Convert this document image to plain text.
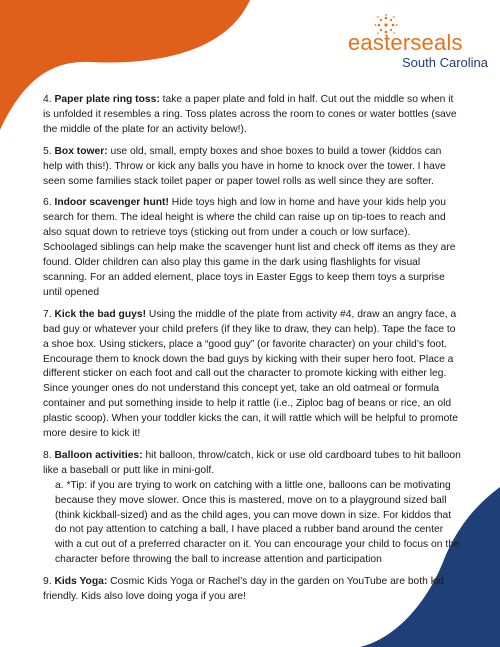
easterseals
South Carolina
4. Paper plate ring toss: take a paper plate and fold in half. Cut out the middle so when it is unfolded it resembles a ring. Toss plates across the room to cones or water bottles (save the middle of the plate for an activity below!).
5. Box tower: use old, small, empty boxes and shoe boxes to build a tower (kiddos can help with this!). Throw or kick any balls you have in home to knock over the tower. I have seen some families stack toilet paper or paper towel rolls as well since they are softer.
6. Indoor scavenger hunt! Hide toys high and low in home and have your kids help you search for them. The ideal height is where the child can raise up on tip-toes to reach and also squat down to retrieve toys (sticking out from under a couch or low surface). Schoolaged siblings can help make the scavenger hunt list and check off items as they are found. Older children can also play this game in the dark using flashlights for visual scanning. For an added element, place toys in Easter Eggs to keep them toys a surprise until opened
7. Kick the bad guys! Using the middle of the plate from activity #4, draw an angry face, a bad guy or whatever your child prefers (if they like to draw, they can help). Tape the face to a shoe box. Using stickers, place a “good guy” (or favorite character) on your child’s foot. Encourage them to knock down the bad guys by kicking with their super hero foot. Place a different sticker on each foot and call out the character to promote kicking with either leg. Since younger ones do not understand this concept yet, take an old oatmeal or formula container and put something inside to help it rattle (i.e., Ziploc bag of beans or rice, an old plastic scoop). When your toddler kicks the can, it will rattle which will be helpful to promote more desire to kick it!
8. Balloon activities: hit balloon, throw/catch, kick or use old cardboard tubes to hit balloon like a baseball or putt like in mini-golf.
a. *Tip: if you are trying to work on catching with a little one, balloons can be motivating because they move slower. Once this is mastered, move on to a playground sized ball (think kickball-sized) and as the child ages, you can move down in size. For kiddos that do not pay attention to catching a ball, I have placed a rubber band around the center with a cut out of a preferred character on it. You can encourage your child to focus on the character before throwing the ball to increase attention and participation
9. Kids Yoga: Cosmic Kids Yoga or Rachel’s day in the garden on YouTube are both kid friendly. Kids also love doing yoga if you are!
